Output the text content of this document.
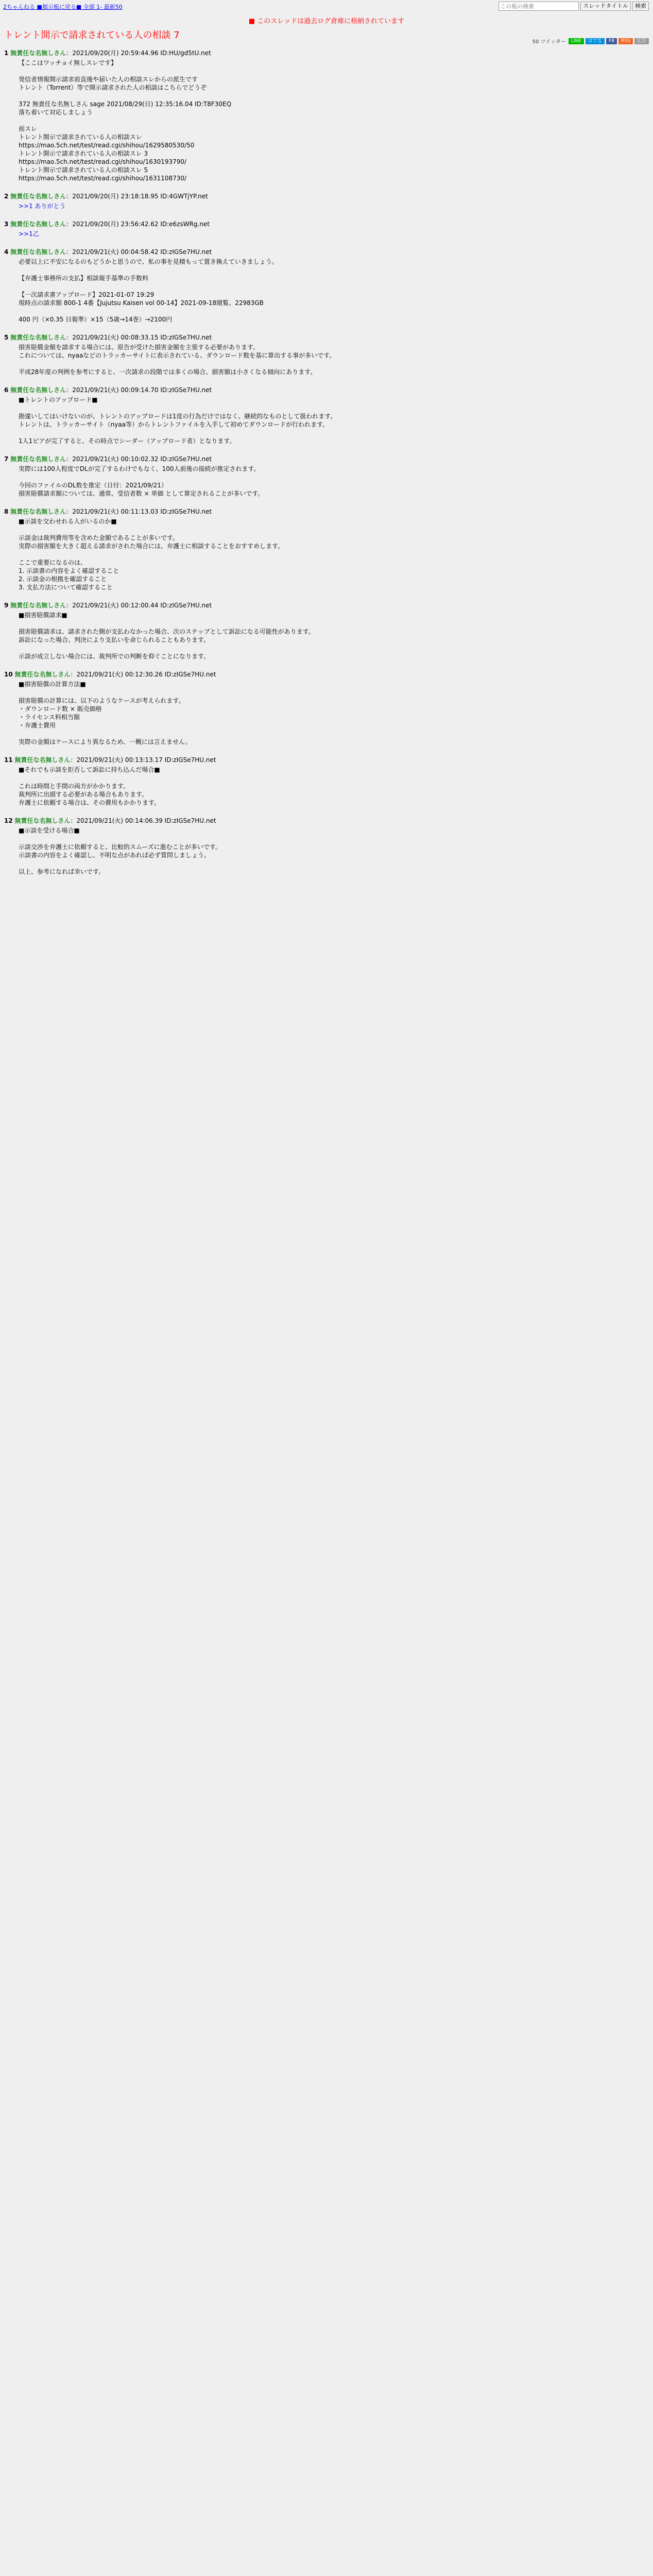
2ちゃんねる ■掲示板に戻る■ 全部 1- 最新50
この板の検索	スレッドタイトル	検索
■ このスレッドは過去ログ倉庫に格納されています
トレント開示で請求されている人の相談 7
50 ツイッター	LINE	はてな	FB	RSS	広告
1 無責任な名無しさん：2021/09/20(月) 20:59:44.96 ID:HU/gd5tU.net
【ここはワッチョイ無しスレです】

発信者情報開示請求前直後や届いた人の相談スレからの派生です
トレント（Torrent）等で開示請求された人の相談はこちらでどうぞ

372 無責任な名無しさん sage 2021/08/29(日) 12:35:16.04 ID:T8F30EQ
落ち着いて対応しましょう

前スレ
トレント開示で請求されている人の相談スレ
https://mao.5ch.net/test/read.cgi/shihou/1629580530/50
トレント開示で請求されている人の相談スレ 3
https://mao.5ch.net/test/read.cgi/shihou/1630193790/
トレント開示で請求されている人の相談スレ 5
https://mao.5ch.net/test/read.cgi/shihou/1631108730/
2 無責任な名無しさん：2021/09/20(月) 23:18:18.95 ID:4GWTjYP.net
>>1 ありがとう
3 無責任な名無しさん：2021/09/20(月) 23:56:42.62 ID:e6zsWRg.net
>>1乙
4 無責任な名無しさん：2021/09/21(火) 00:04:58.42 ID:zIGSe7HU.net
必要以上に不安になるのもどうかと思うので、私の事を見積もって置き換えていきましょう。

【弁護士事務所の支払】相談報手基準の手数料

【一次請求書アップロード】2021-01-07 19:29
現時点の請求額 800-1 4番【Jujutsu Kaisen vol 00-14】2021-09-18閲覧、22983GB

400 円（×0.35 日報準）×15（5歳→14巻）→2100円
5 無責任な名無しさん：2021/09/21(火) 00:08:33.15 ID:zIGSe7HU.net
損害賠償金額を請求する場合には、原告が受けた損害金額を主張する必要があります。
これについては、nyaaなどのトラッカーサイトに表示されている、ダウンロード数を基に算出する事が多いです。

平成28年度の判例を参考にすると、一次請求の段階では多くの場合、損害額は小さくなる傾向にあります。
6 無責任な名無しさん：2021/09/21(火) 00:09:14.70 ID:zIGSe7HU.net
■トレントのアップロード■

勘違いしてはいけないのが、トレントのアップロードは1度の行為だけではなく、継続的なものとして扱われます。
トレントは、トラッカーサイト（nyaa等）からトレントファイルを入手して初めてダウンロードが行われます。

1人1ピアが完了すると、その時点でシーダー（アップロード者）となります。
7 無責任な名無しさん：2021/09/21(火) 00:10:02.32 ID:zIGSe7HU.net
実際には100人程度でDLが完了するわけでもなく、100人前後の接続が推定されます。

今回のファイルのDL数を推定（日付：2021/09/21）
損害賠償請求額については、通常、受信者数 × 単価 として算定されることが多いです。
8 無責任な名無しさん：2021/09/21(火) 00:11:13.03 ID:zIGSe7HU.net
■示談を交わせれる人がいるのか■

示談金は裁判費用等を含めた金額であることが多いです。
実際の損害額を大きく超える請求がされた場合には、弁護士に相談することをおすすめします。

ここで重要になるのは、
1. 示談書の内容をよく確認すること
2. 示談金の根拠を確認すること
3. 支払方法について確認すること
9 無責任な名無しさん：2021/09/21(火) 00:12:00.44 ID:zIGSe7HU.net
■損害賠償請求■

損害賠償請求は、請求された側が支払わなかった場合、次のステップとして訴訟になる可能性があります。
訴訟になった場合、判決により支払いを命じられることもあります。

示談が成立しない場合には、裁判所での判断を仰ぐことになります。
10 無責任な名無しさん：2021/09/21(火) 00:12:30.26 ID:zIGSe7HU.net
■損害賠償の計算方法■

損害賠償の計算には、以下のようなケースが考えられます。
・ダウンロード数 × 販売価格
・ライセンス料相当額
・弁護士費用

実際の金額はケースにより異なるため、一概には言えません。
11 無責任な名無しさん：2021/09/21(火) 00:13:13.17 ID:zIGSe7HU.net
■それでも示談を拒否して訴訟に持ち込んだ場合■

これは時間と手間の両方がかかります。
裁判所に出頭する必要がある場合もあります。
弁護士に依頼する場合は、その費用もかかります。
12 無責任な名無しさん：2021/09/21(火) 00:14:06.39 ID:zIGSe7HU.net
■示談を受ける場合■

示談交渉を弁護士に依頼すると、比較的スムーズに進むことが多いです。
示談書の内容をよく確認し、不明な点があれば必ず質問しましょう。

以上、参考になれば幸いです。
